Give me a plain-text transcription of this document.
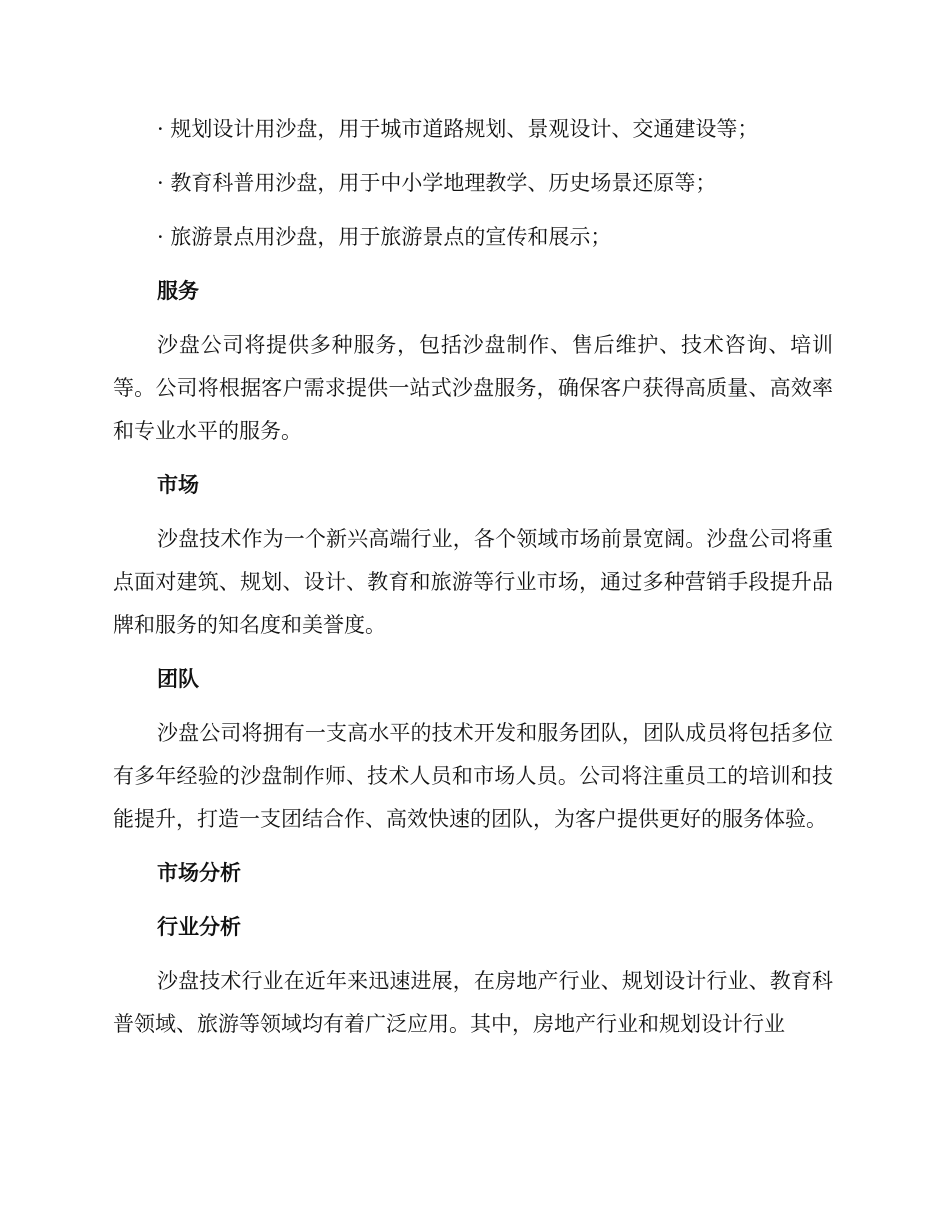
· 规划设计用沙盘，用于城市道路规划、景观设计、交通建设等；
· 教育科普用沙盘，用于中小学地理教学、历史场景还原等；
· 旅游景点用沙盘，用于旅游景点的宣传和展示；
服务
沙盘公司将提供多种服务，包括沙盘制作、售后维护、技术咨询、培训等。公司将根据客户需求提供一站式沙盘服务，确保客户获得高质量、高效率和专业水平的服务。
市场
沙盘技术作为一个新兴高端行业，各个领域市场前景宽阔。沙盘公司将重点面对建筑、规划、设计、教育和旅游等行业市场，通过多种营销手段提升品牌和服务的知名度和美誉度。
团队
沙盘公司将拥有一支高水平的技术开发和服务团队，团队成员将包括多位有多年经验的沙盘制作师、技术人员和市场人员。公司将注重员工的培训和技能提升，打造一支团结合作、高效快速的团队，为客户提供更好的服务体验。
市场分析
行业分析
沙盘技术行业在近年来迅速进展，在房地产行业、规划设计行业、教育科普领域、旅游等领域均有着广泛应用。其中，房地产行业和规划设计行业
